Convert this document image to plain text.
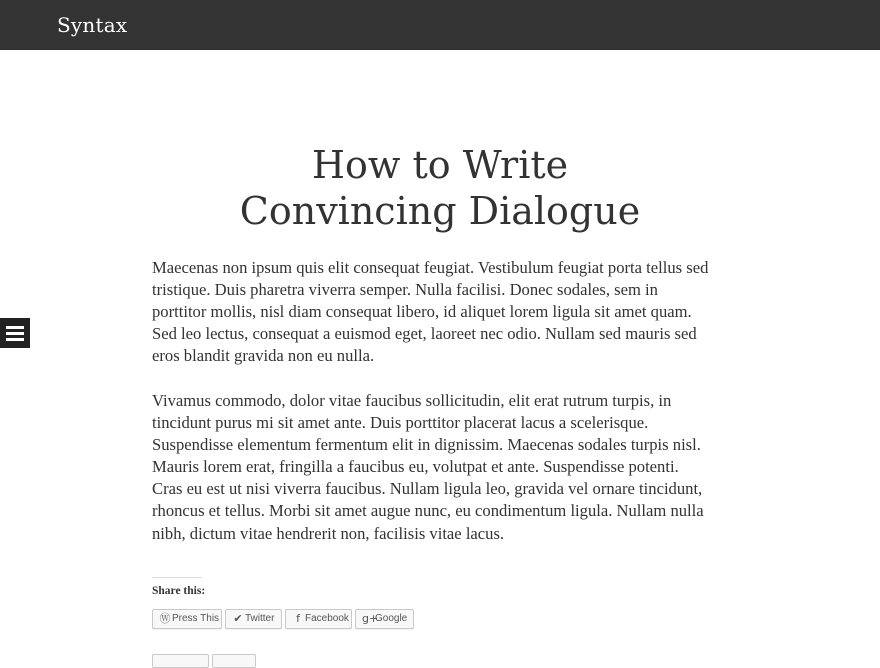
Syntax
How to Write
Convincing Dialogue

Maecenas non ipsum quis elit consequat feugiat. Vestibulum feugiat porta tellus sed
tristique. Duis pharetra viverra semper. Nulla facilisi. Donec sodales, sem in
porttitor mollis, nisl diam consequat libero, id aliquet lorem ligula sit amet quam.
Sed leo lectus, consequat a euismod eget, laoreet nec odio. Nullam sed mauris sed
eros blandit gravida non eu nulla.

Vivamus commodo, dolor vitae faucibus sollicitudin, elit erat rutrum turpis, in
tincidunt purus mi sit amet ante. Duis porttitor placerat lacus a scelerisque.
Suspendisse elementum fermentum elit in dignissim. Maecenas sodales turpis nisl.
Mauris lorem erat, fringilla a faucibus eu, volutpat et ante. Suspendisse potenti.
Cras eu est ut nisi viverra faucibus. Nullam ligula leo, gravida vel ornare tincidunt,
rhoncus et tellus. Morbi sit amet augue nunc, eu condimentum ligula. Nullam nulla
nibh, dictum vitae hendrerit non, facilisis vitae lacus.

Share this:
Ⓦ Press This ✔ Twitter	f Facebook g+
Google
